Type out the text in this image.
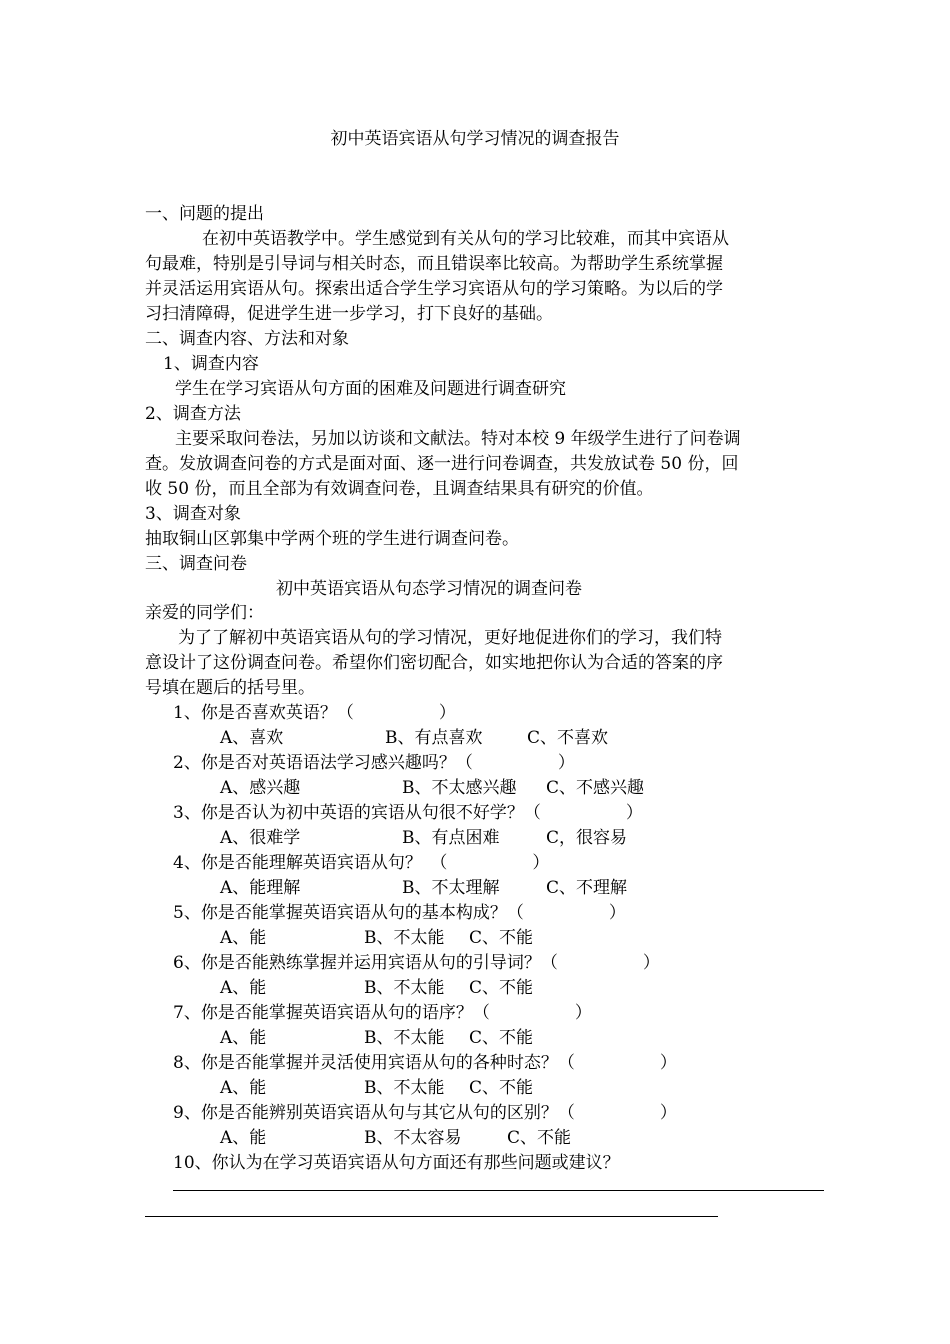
初中英语宾语从句学习情况的调查报告
一、问题的提出
在初中英语教学中。学生感觉到有关从句的学习比较难，而其中宾语从
句最难，特别是引导词与相关时态，而且错误率比较高。为帮助学生系统掌握
并灵活运用宾语从句。探索出适合学生学习宾语从句的学习策略。为以后的学
习扫清障碍，促进学生进一步学习，打下良好的基础。
二、调查内容、方法和对象
1、调查内容
学生在学习宾语从句方面的困难及问题进行调查研究
2、调查方法
主要采取问卷法，另加以访谈和文献法。特对本校 9 年级学生进行了问卷调
查。发放调查问卷的方式是面对面、逐一进行问卷调查，共发放试卷 50 份，回
收 50 份，而且全部为有效调查问卷，且调查结果具有研究的价值。
3、调查对象
抽取铜山区郭集中学两个班的学生进行调查问卷。
三、调查问卷
初中英语宾语从句态学习情况的调查问卷
亲爱的同学们：
为了了解初中英语宾语从句的学习情况，更好地促进你们的学习，我们特
意设计了这份调查问卷。希望你们密切配合，如实地把你认为合适的答案的序
号填在题后的括号里。
1、你是否喜欢英语？（　　　　　）
A、喜欢	B、有点喜欢	C、不喜欢
2、你是否对英语语法学习感兴趣吗？（　　　　　）
A、感兴趣	B、不太感兴趣 C、不感兴趣
3、你是否认为初中英语的宾语从句很不好学？（　　　　　）
A、很难学	B、有点困难	C，很容易
4、你是否能理解英语宾语从句？　（　　　　　）
A、能理解	B、不太理解	C、不理解
5、你是否能掌握英语宾语从句的基本构成？（　　　　　）
A、能	B、不太能 C、不能
6、你是否能熟练掌握并运用宾语从句的引导词？（　　　　　）
A、能	B、不太能 C、不能
7、你是否能掌握英语宾语从句的语序？（　　　　　）
A、能	B、不太能 C、不能
8、你是否能掌握并灵活使用宾语从句的各种时态？（　　　　　）
A、能	B、不太能 C、不能
9、你是否能辨别英语宾语从句与其它从句的区别？（　　　　　）
A、能	B、不太容易	C、不能
10、你认为在学习英语宾语从句方面还有那些问题或建议？
